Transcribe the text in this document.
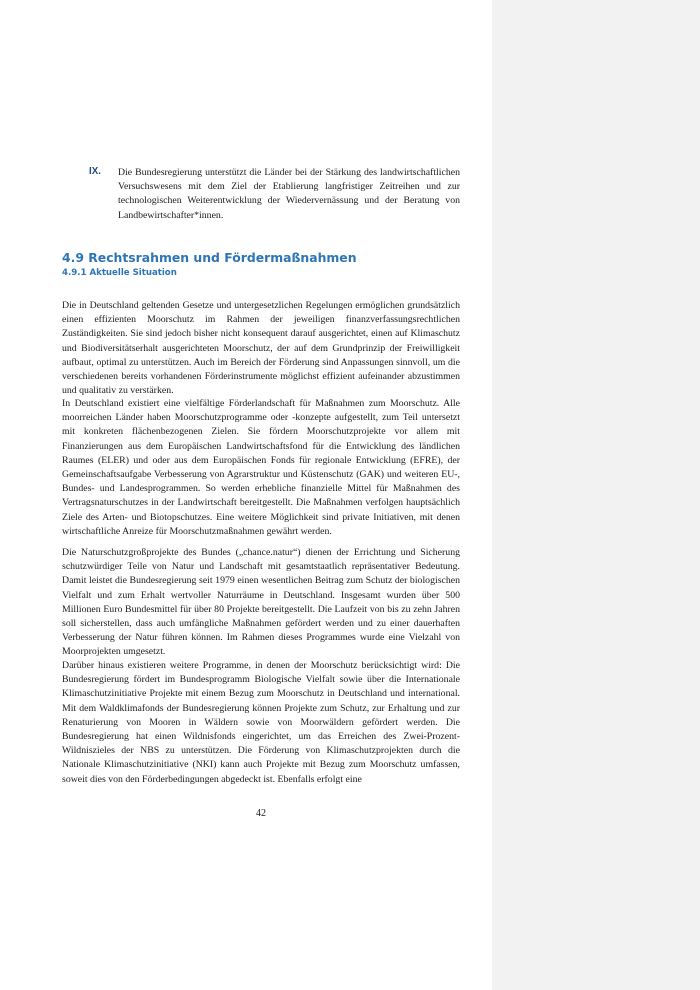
IX. Die Bundesregierung unterstützt die Länder bei der Stärkung des landwirtschaftlichen Versuchswesens mit dem Ziel der Etablierung langfristiger Zeitreihen und zur technologischen Weiterentwicklung der Wiedervernässung und der Beratung von Landbewirtschafter*innen.

4.9 Rechtsrahmen und Fördermaßnahmen
4.9.1 Aktuelle Situation

Die in Deutschland geltenden Gesetze und untergesetzlichen Regelungen ermöglichen grundsätzlich einen effizienten Moorschutz im Rahmen der jeweiligen finanzverfassungsrechtlichen Zuständigkeiten. Sie sind jedoch bisher nicht konsequent darauf ausgerichtet, einen auf Klimaschutz und Biodiversitätserhalt ausgerichteten Moorschutz, der auf dem Grundprinzip der Freiwilligkeit aufbaut, optimal zu unterstützen. Auch im Bereich der Förderung sind Anpassungen sinnvoll, um die verschiedenen bereits vorhandenen Förderinstrumente möglichst effizient aufeinander abzustimmen und qualitativ zu verstärken.

In Deutschland existiert eine vielfältige Förderlandschaft für Maßnahmen zum Moorschutz. Alle moorreichen Länder haben Moorschutzprogramme oder -konzepte aufgestellt, zum Teil untersetzt mit konkreten flächenbezogenen Zielen. Sie fördern Moorschutzprojekte vor allem mit Finanzierungen aus dem Europäischen Landwirtschaftsfond für die Entwicklung des ländlichen Raumes (ELER) und oder aus dem Europäischen Fonds für regionale Entwicklung (EFRE), der Gemeinschaftsaufgabe Verbesserung von Agrarstruktur und Küstenschutz (GAK) und weiteren EU-, Bundes- und Landesprogrammen. So werden erhebliche finanzielle Mittel für Maßnahmen des Vertragsnaturschutzes in der Landwirtschaft bereitgestellt. Die Maßnahmen verfolgen hauptsächlich Ziele des Arten- und Biotopschutzes. Eine weitere Möglichkeit sind private Initiativen, mit denen wirtschaftliche Anreize für Moorschutzmaßnahmen gewährt werden.

Die Naturschutzgroßprojekte des Bundes („chance.natur“) dienen der Errichtung und Sicherung schutzwürdiger Teile von Natur und Landschaft mit gesamtstaatlich repräsentativer Bedeutung. Damit leistet die Bundesregierung seit 1979 einen wesentlichen Beitrag zum Schutz der biologischen Vielfalt und zum Erhalt wertvoller Naturräume in Deutschland. Insgesamt wurden über 500 Millionen Euro Bundesmittel für über 80 Projekte bereitgestellt. Die Laufzeit von bis zu zehn Jahren soll sicherstellen, dass auch umfängliche Maßnahmen gefördert werden und zu einer dauerhaften Verbesserung der Natur führen können. Im Rahmen dieses Programmes wurde eine Vielzahl von Moorprojekten umgesetzt.

Darüber hinaus existieren weitere Programme, in denen der Moorschutz berücksichtigt wird: Die Bundesregierung fördert im Bundesprogramm Biologische Vielfalt sowie über die Internationale Klimaschutzinitiative Projekte mit einem Bezug zum Moorschutz in Deutschland und international. Mit dem Waldklimafonds der Bundesregierung können Projekte zum Schutz, zur Erhaltung und zur Renaturierung von Mooren in Wäldern sowie von Moorwäldern gefördert werden. Die Bundesregierung hat einen Wildnisfonds eingerichtet, um das Erreichen des Zwei-Prozent-Wildniszieles der NBS zu unterstützen. Die Förderung von Klimaschutzprojekten durch die Nationale Klimaschutzinitiative (NKI) kann auch Projekte mit Bezug zum Moorschutz umfassen, soweit dies von den Förderbedingungen abgedeckt ist. Ebenfalls erfolgt eine

42
